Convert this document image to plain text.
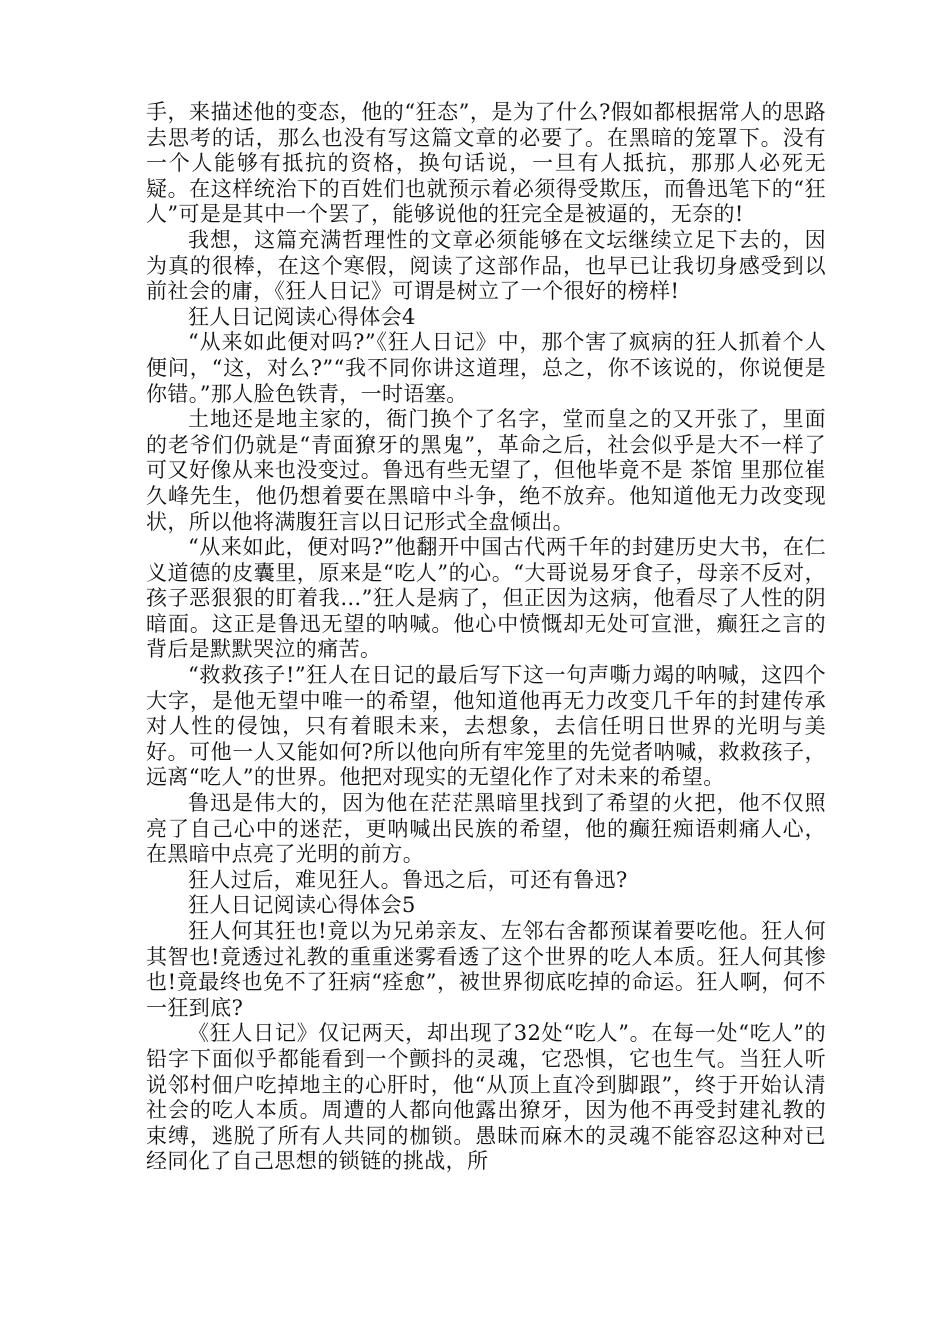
手，来描述他的变态，他的“狂态”，是为了什么?假如都根据常人的思路去思考的话，那么也没有写这篇文章的必要了。在黑暗的笼罩下。没有一个人能够有抵抗的资格，换句话说，一旦有人抵抗，那那人必死无疑。在这样统治下的百姓们也就预示着必须得受欺压，而鲁迅笔下的“狂人”可是是其中一个罢了，能够说他的狂完全是被逼的，无奈的!

我想，这篇充满哲理性的文章必须能够在文坛继续立足下去的，因为真的很棒，在这个寒假，阅读了这部作品，也早已让我切身感受到以前社会的庸，《狂人日记》可谓是树立了一个很好的榜样!

狂人日记阅读心得体会4

“从来如此便对吗?”《狂人日记》中，那个害了疯病的狂人抓着个人便问，“这，对么?”“我不同你讲这道理，总之，你不该说的，你说便是你错。”那人脸色铁青，一时语塞。

土地还是地主家的，衙门换个了名字，堂而皇之的又开张了，里面的老爷们仍就是“青面獠牙的黑鬼”，革命之后，社会似乎是大不一样了可又好像从来也没变过。鲁迅有些无望了，但他毕竟不是 茶馆 里那位崔久峰先生，他仍想着要在黑暗中斗争，绝不放弃。他知道他无力改变现状，所以他将满腹狂言以日记形式全盘倾出。

“从来如此，便对吗?”他翻开中国古代两千年的封建历史大书，在仁义道德的皮囊里，原来是“吃人”的心。“大哥说易牙食子，母亲不反对，孩子恶狠狠的盯着我…”狂人是病了，但正因为这病，他看尽了人性的阴暗面。这正是鲁迅无望的呐喊。他心中愤慨却无处可宣泄，癫狂之言的背后是默默哭泣的痛苦。

“救救孩子!”狂人在日记的最后写下这一句声嘶力竭的呐喊，这四个大字，是他无望中唯一的希望，他知道他再无力改变几千年的封建传承对人性的侵蚀，只有着眼未来，去想象，去信任明日世界的光明与美好。可他一人又能如何?所以他向所有牢笼里的先觉者呐喊，救救孩子，远离“吃人”的世界。他把对现实的无望化作了对未来的希望。

鲁迅是伟大的，因为他在茫茫黑暗里找到了希望的火把，他不仅照亮了自己心中的迷茫，更呐喊出民族的希望，他的癫狂痴语刺痛人心，在黑暗中点亮了光明的前方。

狂人过后，难见狂人。鲁迅之后，可还有鲁迅?

狂人日记阅读心得体会5

狂人何其狂也!竟以为兄弟亲友、左邻右舍都预谋着要吃他。狂人何其智也!竟透过礼教的重重迷雾看透了这个世界的吃人本质。狂人何其惨也!竟最终也免不了狂病“痊愈”，被世界彻底吃掉的命运。狂人啊，何不一狂到底?

《狂人日记》仅记两天，却出现了32处“吃人”。在每一处“吃人”的铅字下面似乎都能看到一个颤抖的灵魂，它恐惧，它也生气。当狂人听说邻村佃户吃掉地主的心肝时，他“从顶上直冷到脚跟”，终于开始认清社会的吃人本质。周遭的人都向他露出獠牙，因为他不再受封建礼教的束缚，逃脱了所有人共同的枷锁。愚昧而麻木的灵魂不能容忍这种对已经同化了自己思想的锁链的挑战，所
